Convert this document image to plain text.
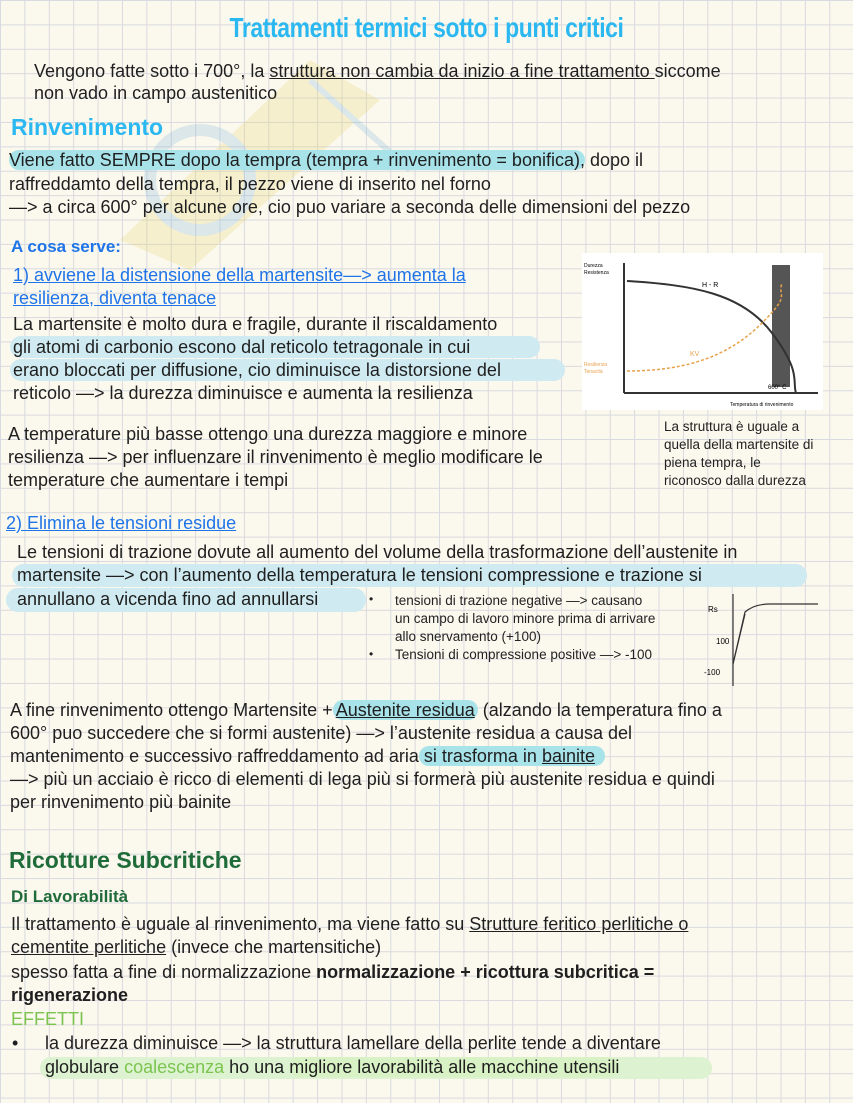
Trattamenti termici sotto i punti critici
Vengono fatte sotto i 700°, la struttura non cambia da inizio a fine trattamento siccome
non vado in campo austenitico
Rinvenimento
Viene fatto SEMPRE dopo la tempra (tempra + rinvenimento = bonifica), dopo il
raffreddamto della tempra, il pezzo viene di inserito nel forno
—> a circa 600° per alcune ore, cio puo variare a seconda delle dimensioni del pezzo
A cosa serve:
1) avviene la distensione della martensite—> aumenta la
resilienza, diventa tenace
La martensite è molto dura e fragile, durante il riscaldamento
gli atomi di carbonio escono dal reticolo tetragonale in cui
erano bloccati per diffusione, cio diminuisce la distorsione del
reticolo —> la durezza diminuisce e aumenta la resilienza
Durezza
Resistenza
H - R
KV
Resilienza
Tenacità
600° C
Temperatura di rinvenimento
A temperature più basse ottengo una durezza maggiore e minore
resilienza —> per influenzare il rinvenimento è meglio modificare le
temperature che aumentare i tempi
La struttura è uguale a
quella della martensite di
piena tempra, le
riconosco dalla durezza
2) Elimina le tensioni residue
Le tensioni di trazione dovute all aumento del volume della trasformazione dell’austenite in
martensite —> con l’aumento della temperatura le tensioni compressione e trazione si
annullano a vicenda fino ad annullarsi	• tensioni di trazione negative —> causano
un campo di lavoro minore prima di arrivare
allo snervamento (+100)
• Tensioni di compressione positive —> -100
Rs
100
-100
A fine rinvenimento ottengo Martensite + Austenite residua (alzando la temperatura fino a
600° puo succedere che si formi austenite) —> l’austenite residua a causa del
mantenimento e successivo raffreddamento ad aria si trasforma in bainite
—> più un acciaio è ricco di elementi di lega più si formerà più austenite residua e quindi
per rinvenimento più bainite
Ricotture Subcritiche
Di Lavorabilità
Il trattamento è uguale al rinvenimento, ma viene fatto su Strutture feritico perlitiche o
cementite perlitiche (invece che martensitiche)
spesso fatta a fine di normalizzazione normalizzazione + ricottura subcritica =
rigenerazione
EFFETTI
• la durezza diminuisce —> la struttura lamellare della perlite tende a diventare
globulare coalescenza ho una migliore lavorabilità alle macchine utensili
